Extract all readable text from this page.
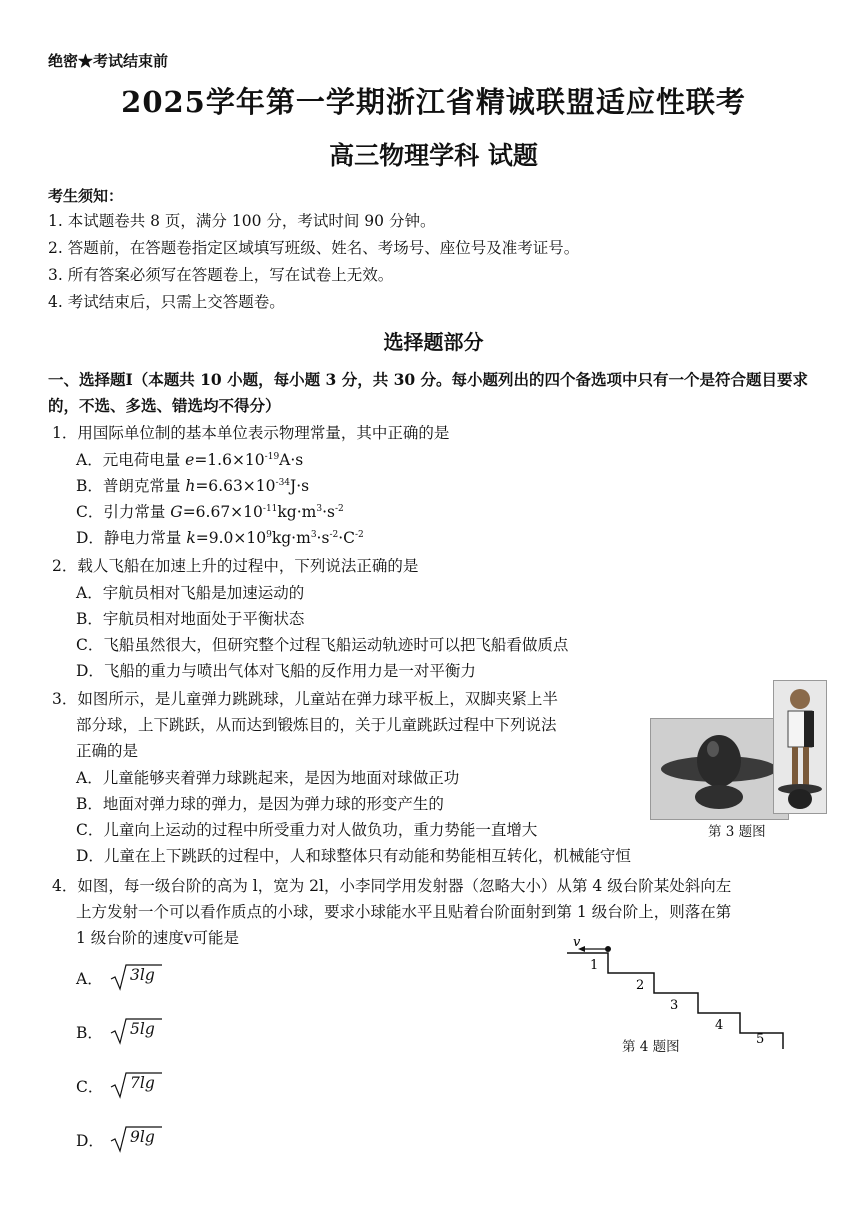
绝密★考试结束前
2025学年第一学期浙江省精诚联盟适应性联考
高三物理学科 试题
考生须知：
1. 本试题卷共 8 页，满分 100 分，考试时间 90 分钟。
2. 答题前，在答题卷指定区域填写班级、姓名、考场号、座位号及准考证号。
3. 所有答案必须写在答题卷上，写在试卷上无效。
4. 考试结束后，只需上交答题卷。
选择题部分
一、选择题Ⅰ（本题共 10 小题，每小题 3 分，共 30 分。每小题列出的四个备选项中只有一个是符合题目要求的，不选、多选、错选均不得分）
1．用国际单位制的基本单位表示物理常量，其中正确的是
A．元电荷电量 $e=1.6\times 10^{-19}A\cdot s$
B．普朗克常量 $h=6.63\times 10^{-34}J\cdot s$
C．引力常量 $G=6.67\times 10^{-11}kg\cdot m^3\cdot s^{-2}$
D．静电力常量 $k=9.0\times 10^9kg\cdot m^3\cdot s^{-2}\cdot C^{-2}$
2．载人飞船在加速上升的过程中，下列说法正确的是
A．宇航员相对飞船是加速运动的
B．宇航员相对地面处于平衡状态
C．飞船虽然很大，但研究整个过程飞船运动轨迹时可以把飞船看做质点
D．飞船的重力与喷出气体对飞船的反作用力是一对平衡力
3．如图所示，是儿童弹力跳跳球，儿童站在弹力球平板上，双脚夹紧上半
部分球，上下跳跃，从而达到锻炼目的，关于儿童跳跃过程中下列说法
正确的是
A．儿童能够夹着弹力球跳起来，是因为地面对球做正功
B．地面对弹力球的弹力，是因为弹力球的形变产生的
C．儿童向上运动的过程中所受重力对人做负功，重力势能一直增大
D．儿童在上下跳跃的过程中，人和球整体只有动能和势能相互转化，机械能守恒
第 3 题图
4．如图，每一级台阶的高为 l，宽为 2l，小李同学用发射器（忽略大小）从第 4 级台阶某处斜向左
上方发射一个可以看作质点的小球，要求小球能水平且贴着台阶面射到第 1 级台阶上，则落在第
1 级台阶的速度v可能是
A． 3lg
B． 5lg
C． 7lg
D． 9lg
v
1
2
3
4
5
第 4 题图
